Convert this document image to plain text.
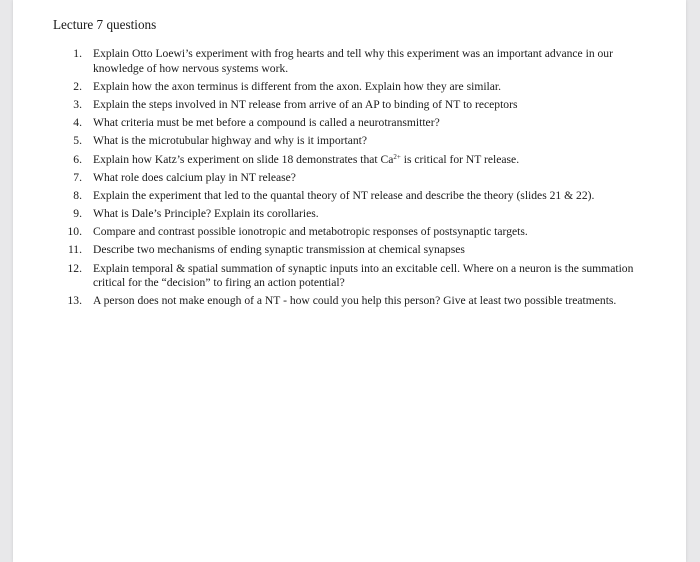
Lecture 7 questions
1. Explain Otto Loewi’s experiment with frog hearts and tell why this experiment was an important advance in our knowledge of how nervous systems work.
2. Explain how the axon terminus is different from the axon. Explain how they are similar.
3. Explain the steps involved in NT release from arrive of an AP to binding of NT to receptors
4. What criteria must be met before a compound is called a neurotransmitter?
5. What is the microtubular highway and why is it important?
6. Explain how Katz’s experiment on slide 18 demonstrates that $Ca^{2+}$ is critical for NT release.
7. What role does calcium play in NT release?
8. Explain the experiment that led to the quantal theory of NT release and describe the theory (slides 21 & 22).
9. What is Dale’s Principle? Explain its corollaries.
10. Compare and contrast possible ionotropic and metabotropic responses of postsynaptic targets.
11. Describe two mechanisms of ending synaptic transmission at chemical synapses
12. Explain temporal & spatial summation of synaptic inputs into an excitable cell. Where on a neuron is the summation critical for the “decision” to firing an action potential?
13. A person does not make enough of a NT - how could you help this person? Give at least two possible treatments.
